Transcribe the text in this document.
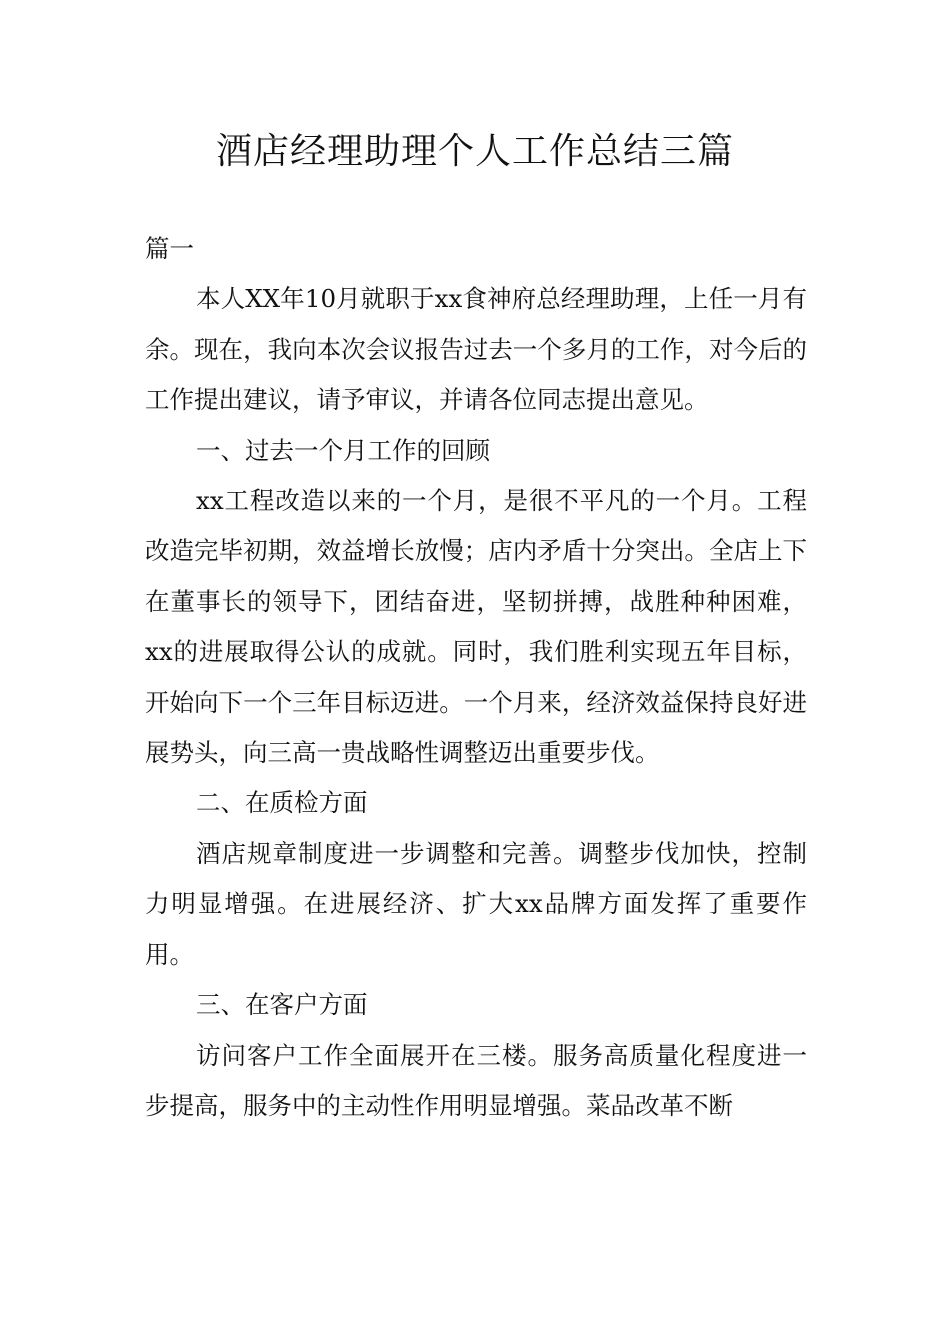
酒店经理助理个人工作总结三篇

篇一

本人XX年10月就职于xx食神府总经理助理，上任一月有余。现在，我向本次会议报告过去一个多月的工作，对今后的工作提出建议，请予审议，并请各位同志提出意见。

一、过去一个月工作的回顾

xx工程改造以来的一个月，是很不平凡的一个月。工程改造完毕初期，效益增长放慢；店内矛盾十分突出。全店上下在董事长的领导下，团结奋进，坚韧拼搏，战胜种种困难，xx的进展取得公认的成就。同时，我们胜利实现五年目标，开始向下一个三年目标迈进。一个月来，经济效益保持良好进展势头，向三高一贵战略性调整迈出重要步伐。

二、在质检方面

酒店规章制度进一步调整和完善。调整步伐加快，控制力明显增强。在进展经济、扩大xx品牌方面发挥了重要作用。

三、在客户方面

访问客户工作全面展开在三楼。服务高质量化程度进一步提高，服务中的主动性作用明显增强。菜品改革不断
